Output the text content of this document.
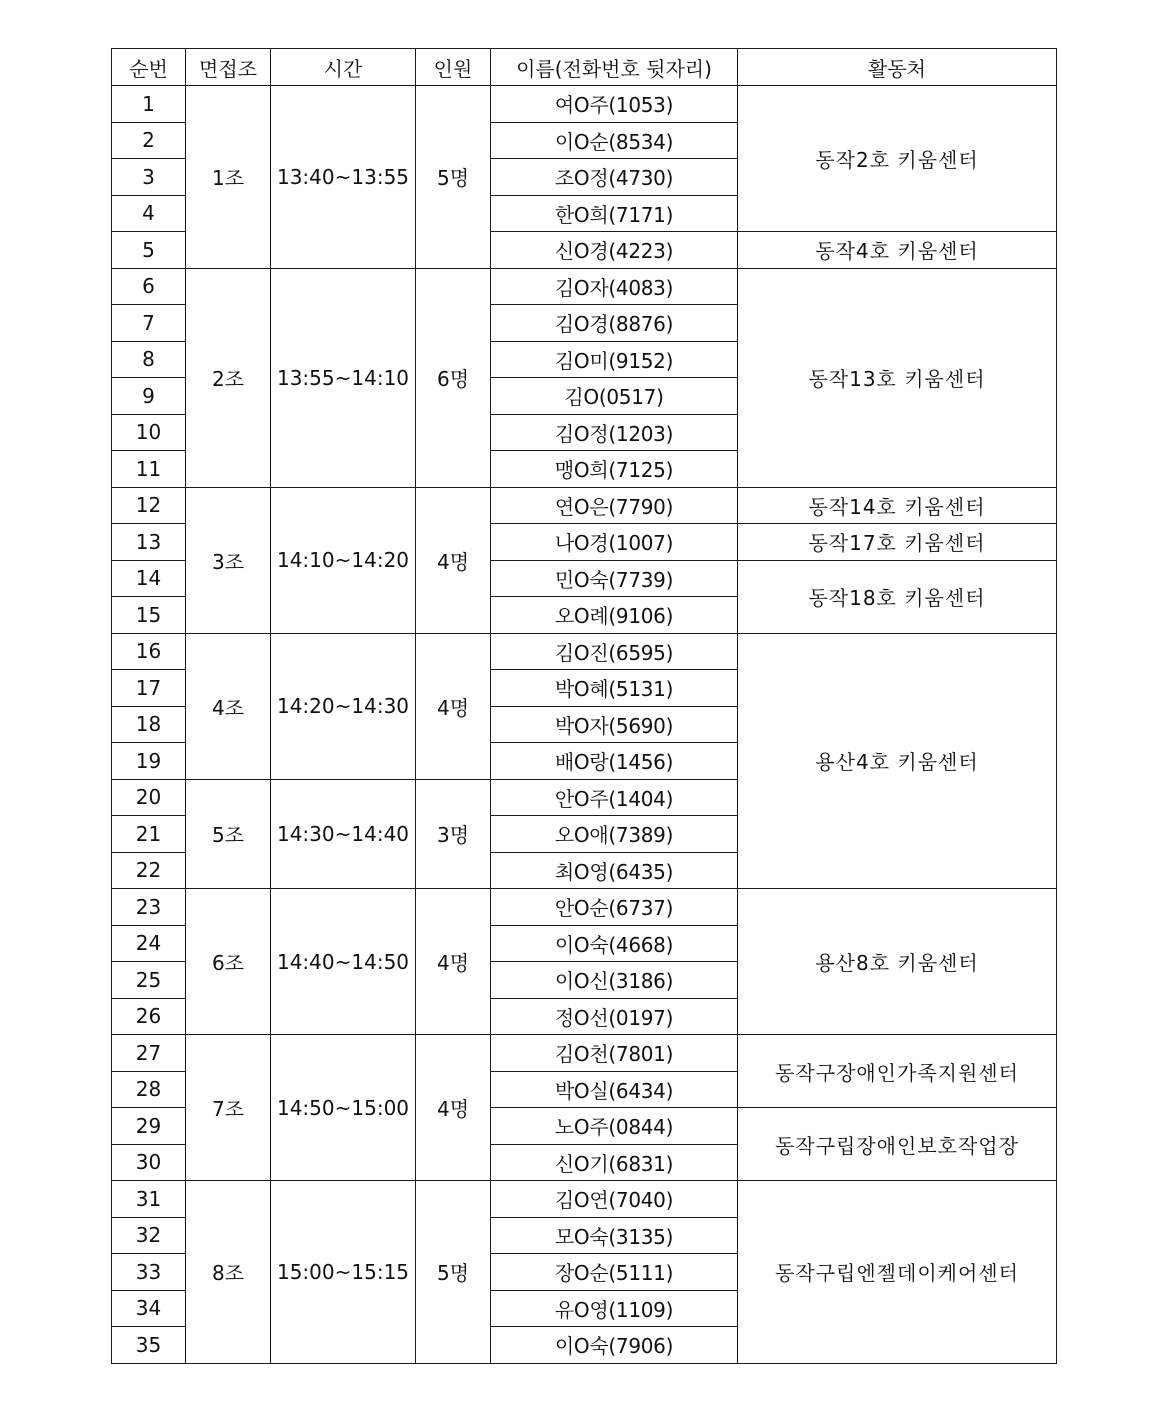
순번	면접조	시간	인원	이름(전화번호 뒷자리)	활동처
1	1조	13:40~13:55	5명	여O주(1053)	동작2호 키움센터
2				이O순(8534)	
3				조O정(4730)	
4				한O희(7171)	
5				신O경(4223)	동작4호 키움센터
6	2조	13:55~14:10	6명	김O자(4083)	동작13호 키움센터
7				김O경(8876)	
8				김O미(9152)	
9				김O(0517)	
10				김O정(1203)	
11				맹O희(7125)	
12	3조	14:10~14:20	4명	연O은(7790)	동작14호 키움센터
13				나O경(1007)	동작17호 키움센터
14				민O숙(7739)	동작18호 키움센터
15				오O례(9106)	
16	4조	14:20~14:30	4명	김O진(6595)	용산4호 키움센터
17				박O혜(5131)	
18				박O자(5690)	
19				배O랑(1456)	
20	5조	14:30~14:40	3명	안O주(1404)	
21				오O애(7389)	
22				최O영(6435)	
23	6조	14:40~14:50	4명	안O순(6737)	용산8호 키움센터
24				이O숙(4668)	
25				이O신(3186)	
26				정O선(0197)	
27	7조	14:50~15:00	4명	김O천(7801)	동작구장애인가족지원센터
28				박O실(6434)	
29				노O주(0844)	동작구립장애인보호작업장
30				신O기(6831)	
31	8조	15:00~15:15	5명	김O연(7040)	동작구립엔젤데이케어센터
32				모O숙(3135)	
33				장O순(5111)	
34				유O영(1109)	
35				이O숙(7906)	
